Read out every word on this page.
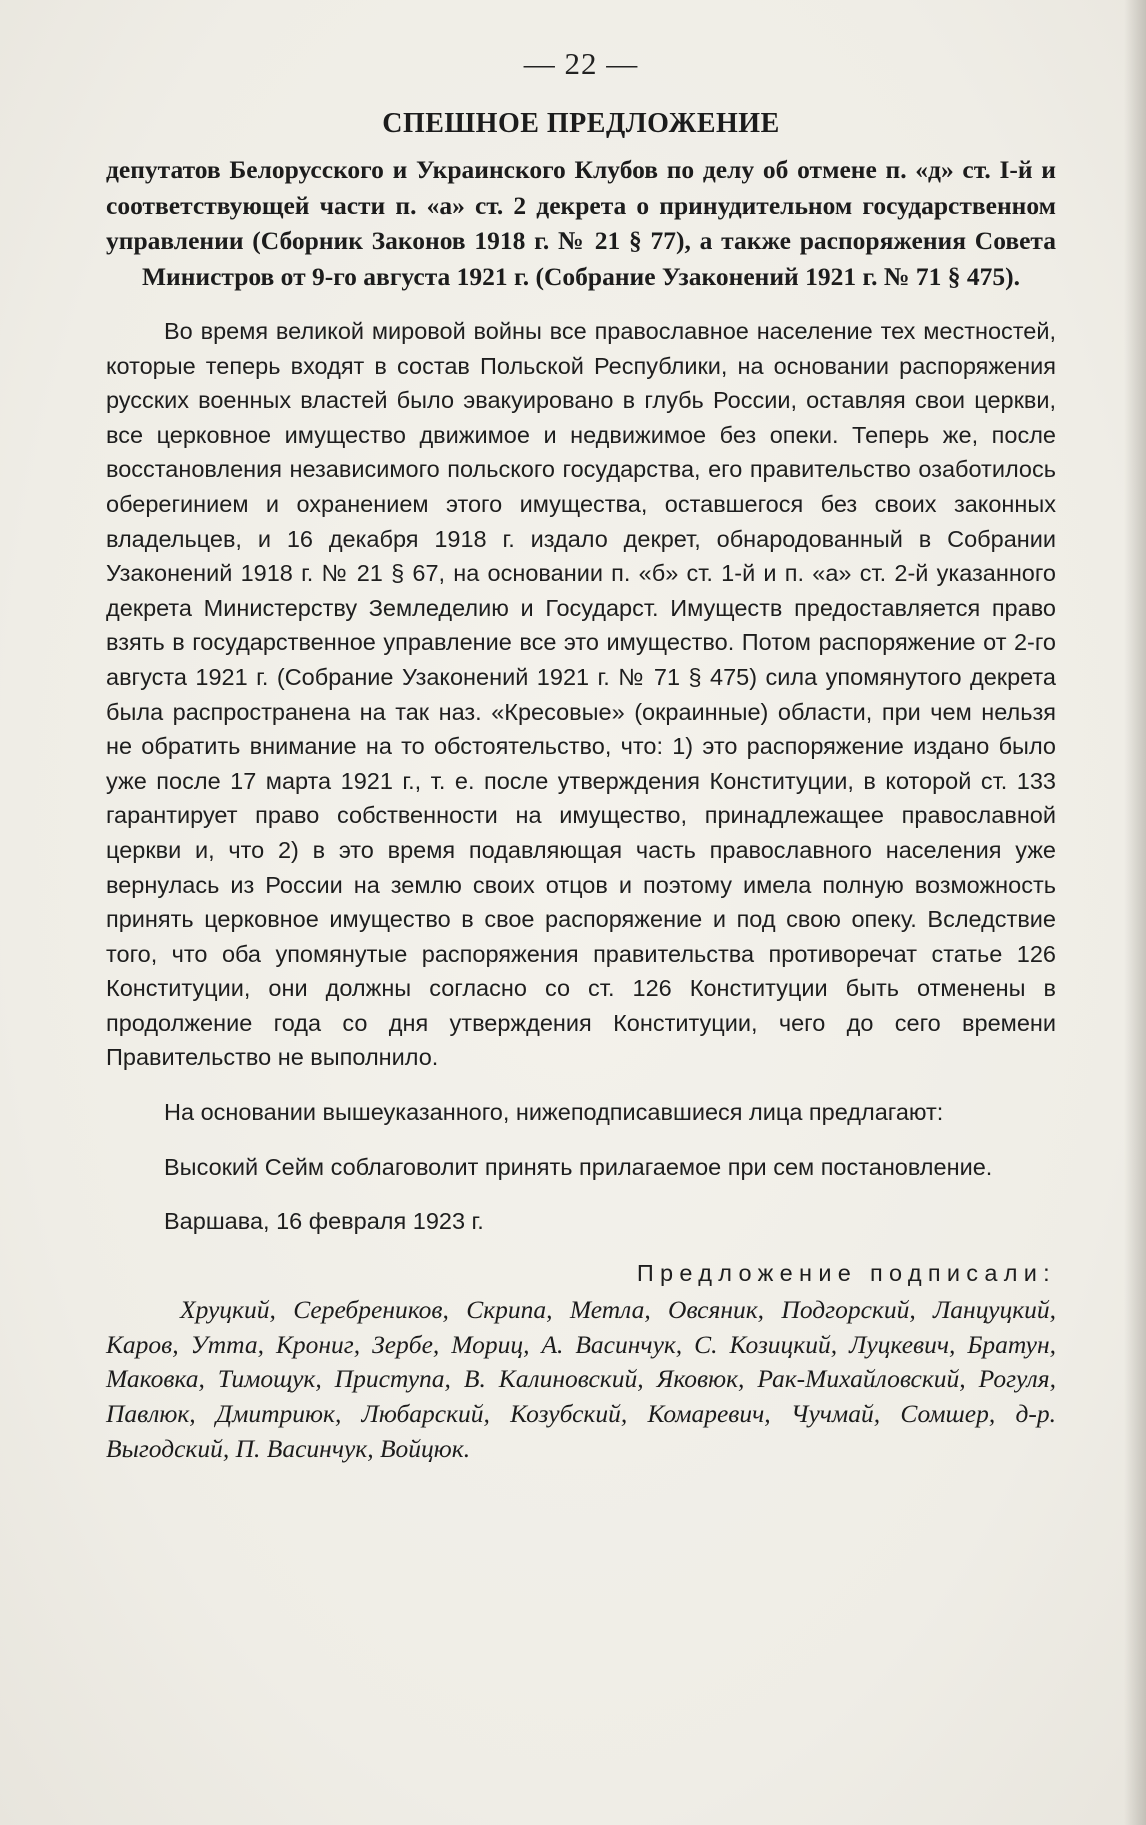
— 22 —
СПЕШНОЕ ПРЕДЛОЖЕНИЕ
депутатов Белорусского и Украинского Клубов по делу об отмене п. «д» ст. І-й и соответствующей части п. «а» ст. 2 декрета о принудительном государственном управлении (Сборник Законов 1918 г. № 21 § 77), а также распоряжения Совета Министров от 9-го августа 1921 г. (Собрание Узаконений 1921 г. № 71 § 475).

Во время великой мировой войны все православное население тех местностей, которые теперь входят в состав Польской Республики, на основании распоряжения русских военных властей было эвакуировано в глубь России, оставляя свои церкви, все церковное имущество движимое и недвижимое без опеки. Теперь же, после восстановления независимого польского государства, его правительство озаботилось оберегинием и охранением этого имущества, оставшегося без своих законных владельцев, и 16 декабря 1918 г. издало декрет, обнародованный в Собрании Узаконений 1918 г. № 21 § 67, на основании п. «б» ст. 1-й и п. «а» ст. 2-й указанного декрета Министерству Земледелию и Государст. Имуществ предоставляется право взять в государственное управление все это имущество. Потом распоряжение от 2-го августа 1921 г. (Собрание Узаконений 1921 г. № 71 § 475) сила упомянутого декрета была распространена на так наз. «Кресовые» (окраинные) области, при чем нельзя не обратить внимание на то обстоятельство, что: 1) это распоряжение издано было уже после 17 марта 1921 г., т. е. после утверждения Конституции, в которой ст. 133 гарантирует право собственности на имущество, принадлежащее православной церкви и, что 2) в это время подавляющая часть православного населения уже вернулась из России на землю своих отцов и поэтому имела полную возможность принять церковное имущество в свое распоряжение и под свою опеку. Вследствие того, что оба упомянутые распоряжения правительства противоречат статье 126 Конституции, они должны согласно со ст. 126 Конституции быть отменены в продолжение года со дня утверждения Конституции, чего до сего времени Правительство не выполнило.

На основании вышеуказанного, нижеподписавшиеся лица предлагают:

Высокий Сейм соблаговолит принять прилагаемое при сем постановление.

Варшава, 16 февраля 1923 г.

Предложение подписали:

Хруцкий, Серебреников, Скрипа, Метла, Овсяник, Подгорский, Ланцуцкий, Каров, Утта, Крониг, Зербе, Мориц, А. Васинчук, С. Козицкий, Луцкевич, Братун, Маковка, Тимощук, Приступа, В. Калиновский, Яковюк, Рак-Михайловский, Рогуля, Павлюк, Дмитриюк, Любарский, Козубский, Комаревич, Чучмай, Сомшер, д-р. Выгодский, П. Васинчук, Войцюк.
